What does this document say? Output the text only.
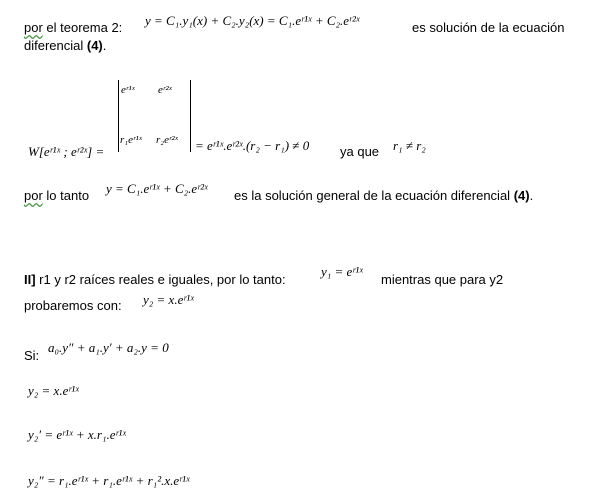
por el teorema 2: y = C₁.y₁(x) + C₂.y₂(x) = C₁.eʳ¹ˣ + C₂.eʳ²ˣ	es solución de la ecuación
diferencial (4).
W[eʳ¹ˣ ; eʳ²ˣ] =
eʳ¹ˣ eʳ²ˣ
r₁eʳ¹ˣ r₂eʳ²ˣ = eʳ¹ˣ.eʳ²ˣ.(r₂ − r₁) ≠ 0 ya que r₁ ≠ r₂
por lo tanto y = C₁.eʳ¹ˣ + C₂.eʳ²ˣ es la solución general de la ecuación diferencial (4).
II] r1 y r2 raíces reales e iguales, por lo tanto:
y₁ = eʳ¹ˣ
mientras que para y2
probaremos con: y₂ = x.eʳ¹ˣ
Si:
a₀.y″ + a₁.y′ + a₂.y = 0
y₂ = x.eʳ¹ˣ
y₂′ = eʳ¹ˣ + x.r₁.eʳ¹ˣ
y₂″ = r₁.eʳ¹ˣ + r₁.eʳ¹ˣ + r₁².x.eʳ¹ˣ
